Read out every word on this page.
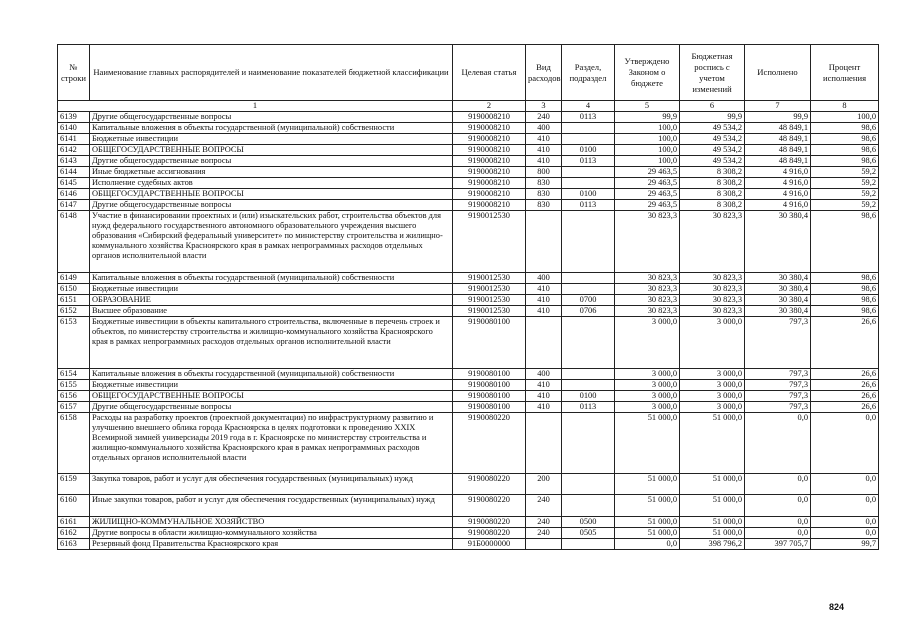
№ строки	Наименование главных распорядителей и наименование показателей бюджетной классификации	Целевая статья	Вид расходов	Раздел, подраздел	Утверждено Законом о бюджете	Бюджетная роспись с учетом изменений	Исполнено	Процент исполнения
1		2	3	4	5	6	7	8
6139	Другие общегосударственные вопросы	9190008210	240	0113	99,9	99,9	99,9	100,0
6140	Капитальные вложения в объекты государственной (муниципальной) собственности	9190008210	400		100,0	49 534,2	48 849,1	98,6
6141	Бюджетные инвестиции	9190008210	410		100,0	49 534,2	48 849,1	98,6
6142	ОБЩЕГОСУДАРСТВЕННЫЕ ВОПРОСЫ	9190008210	410	0100	100,0	49 534,2	48 849,1	98,6
6143	Другие общегосударственные вопросы	9190008210	410	0113	100,0	49 534,2	48 849,1	98,6
6144	Иные бюджетные ассигнования	9190008210	800		29 463,5	8 308,2	4 916,0	59,2
6145	Исполнение судебных актов	9190008210	830		29 463,5	8 308,2	4 916,0	59,2
6146	ОБЩЕГОСУДАРСТВЕННЫЕ ВОПРОСЫ	9190008210	830	0100	29 463,5	8 308,2	4 916,0	59,2
6147	Другие общегосударственные вопросы	9190008210	830	0113	29 463,5	8 308,2	4 916,0	59,2
6148	Участие в финансировании проектных и (или) изыскательских работ, строительства объектов для нужд федерального государственного автономного образовательного учреждения высшего образования «Сибирский федеральный университет» по министерству строительства и жилищно-коммунального хозяйства Красноярского края в рамках непрограммных расходов отдельных органов исполнительной власти	9190012530			30 823,3	30 823,3	30 380,4	98,6
6149	Капитальные вложения в объекты государственной (муниципальной) собственности	9190012530	400		30 823,3	30 823,3	30 380,4	98,6
6150	Бюджетные инвестиции	9190012530	410		30 823,3	30 823,3	30 380,4	98,6
6151	ОБРАЗОВАНИЕ	9190012530	410	0700	30 823,3	30 823,3	30 380,4	98,6
6152	Высшее образование	9190012530	410	0706	30 823,3	30 823,3	30 380,4	98,6
6153	Бюджетные инвестиции в объекты капитального строительства, включенные в перечень строек и объектов, по министерству строительства и жилищно-коммунального хозяйства Красноярского края в рамках непрограммных расходов отдельных органов исполнительной власти	9190080100			3 000,0	3 000,0	797,3	26,6
6154	Капитальные вложения в объекты государственной (муниципальной) собственности	9190080100	400		3 000,0	3 000,0	797,3	26,6
6155	Бюджетные инвестиции	9190080100	410		3 000,0	3 000,0	797,3	26,6
6156	ОБЩЕГОСУДАРСТВЕННЫЕ ВОПРОСЫ	9190080100	410	0100	3 000,0	3 000,0	797,3	26,6
6157	Другие общегосударственные вопросы	9190080100	410	0113	3 000,0	3 000,0	797,3	26,6
6158	Расходы на разработку проектов (проектной документации) по инфраструктурному развитию и улучшению внешнего облика города Красноярска в целях подготовки к проведению XXIX Всемирной зимней универсиады 2019 года в г. Красноярске по министерству строительства и жилищно-коммунального хозяйства Красноярского края в рамках непрограммных расходов отдельных органов исполнительной власти	9190080220			51 000,0	51 000,0	0,0	0,0
6159	Закупка товаров, работ и услуг для обеспечения государственных (муниципальных) нужд	9190080220	200		51 000,0	51 000,0	0,0	0,0
6160	Иные закупки товаров, работ и услуг для обеспечения государственных (муниципальных) нужд	9190080220	240		51 000,0	51 000,0	0,0	0,0
6161	ЖИЛИЩНО-КОММУНАЛЬНОЕ ХОЗЯЙСТВО	9190080220	240	0500	51 000,0	51 000,0	0,0	0,0
6162	Другие вопросы в области жилищно-коммунального хозяйства	9190080220	240	0505	51 000,0	51 000,0	0,0	0,0
6163	Резервный фонд Правительства Красноярского края	91Б0000000			0,0	398 796,2	397 705,7	99,7
824
